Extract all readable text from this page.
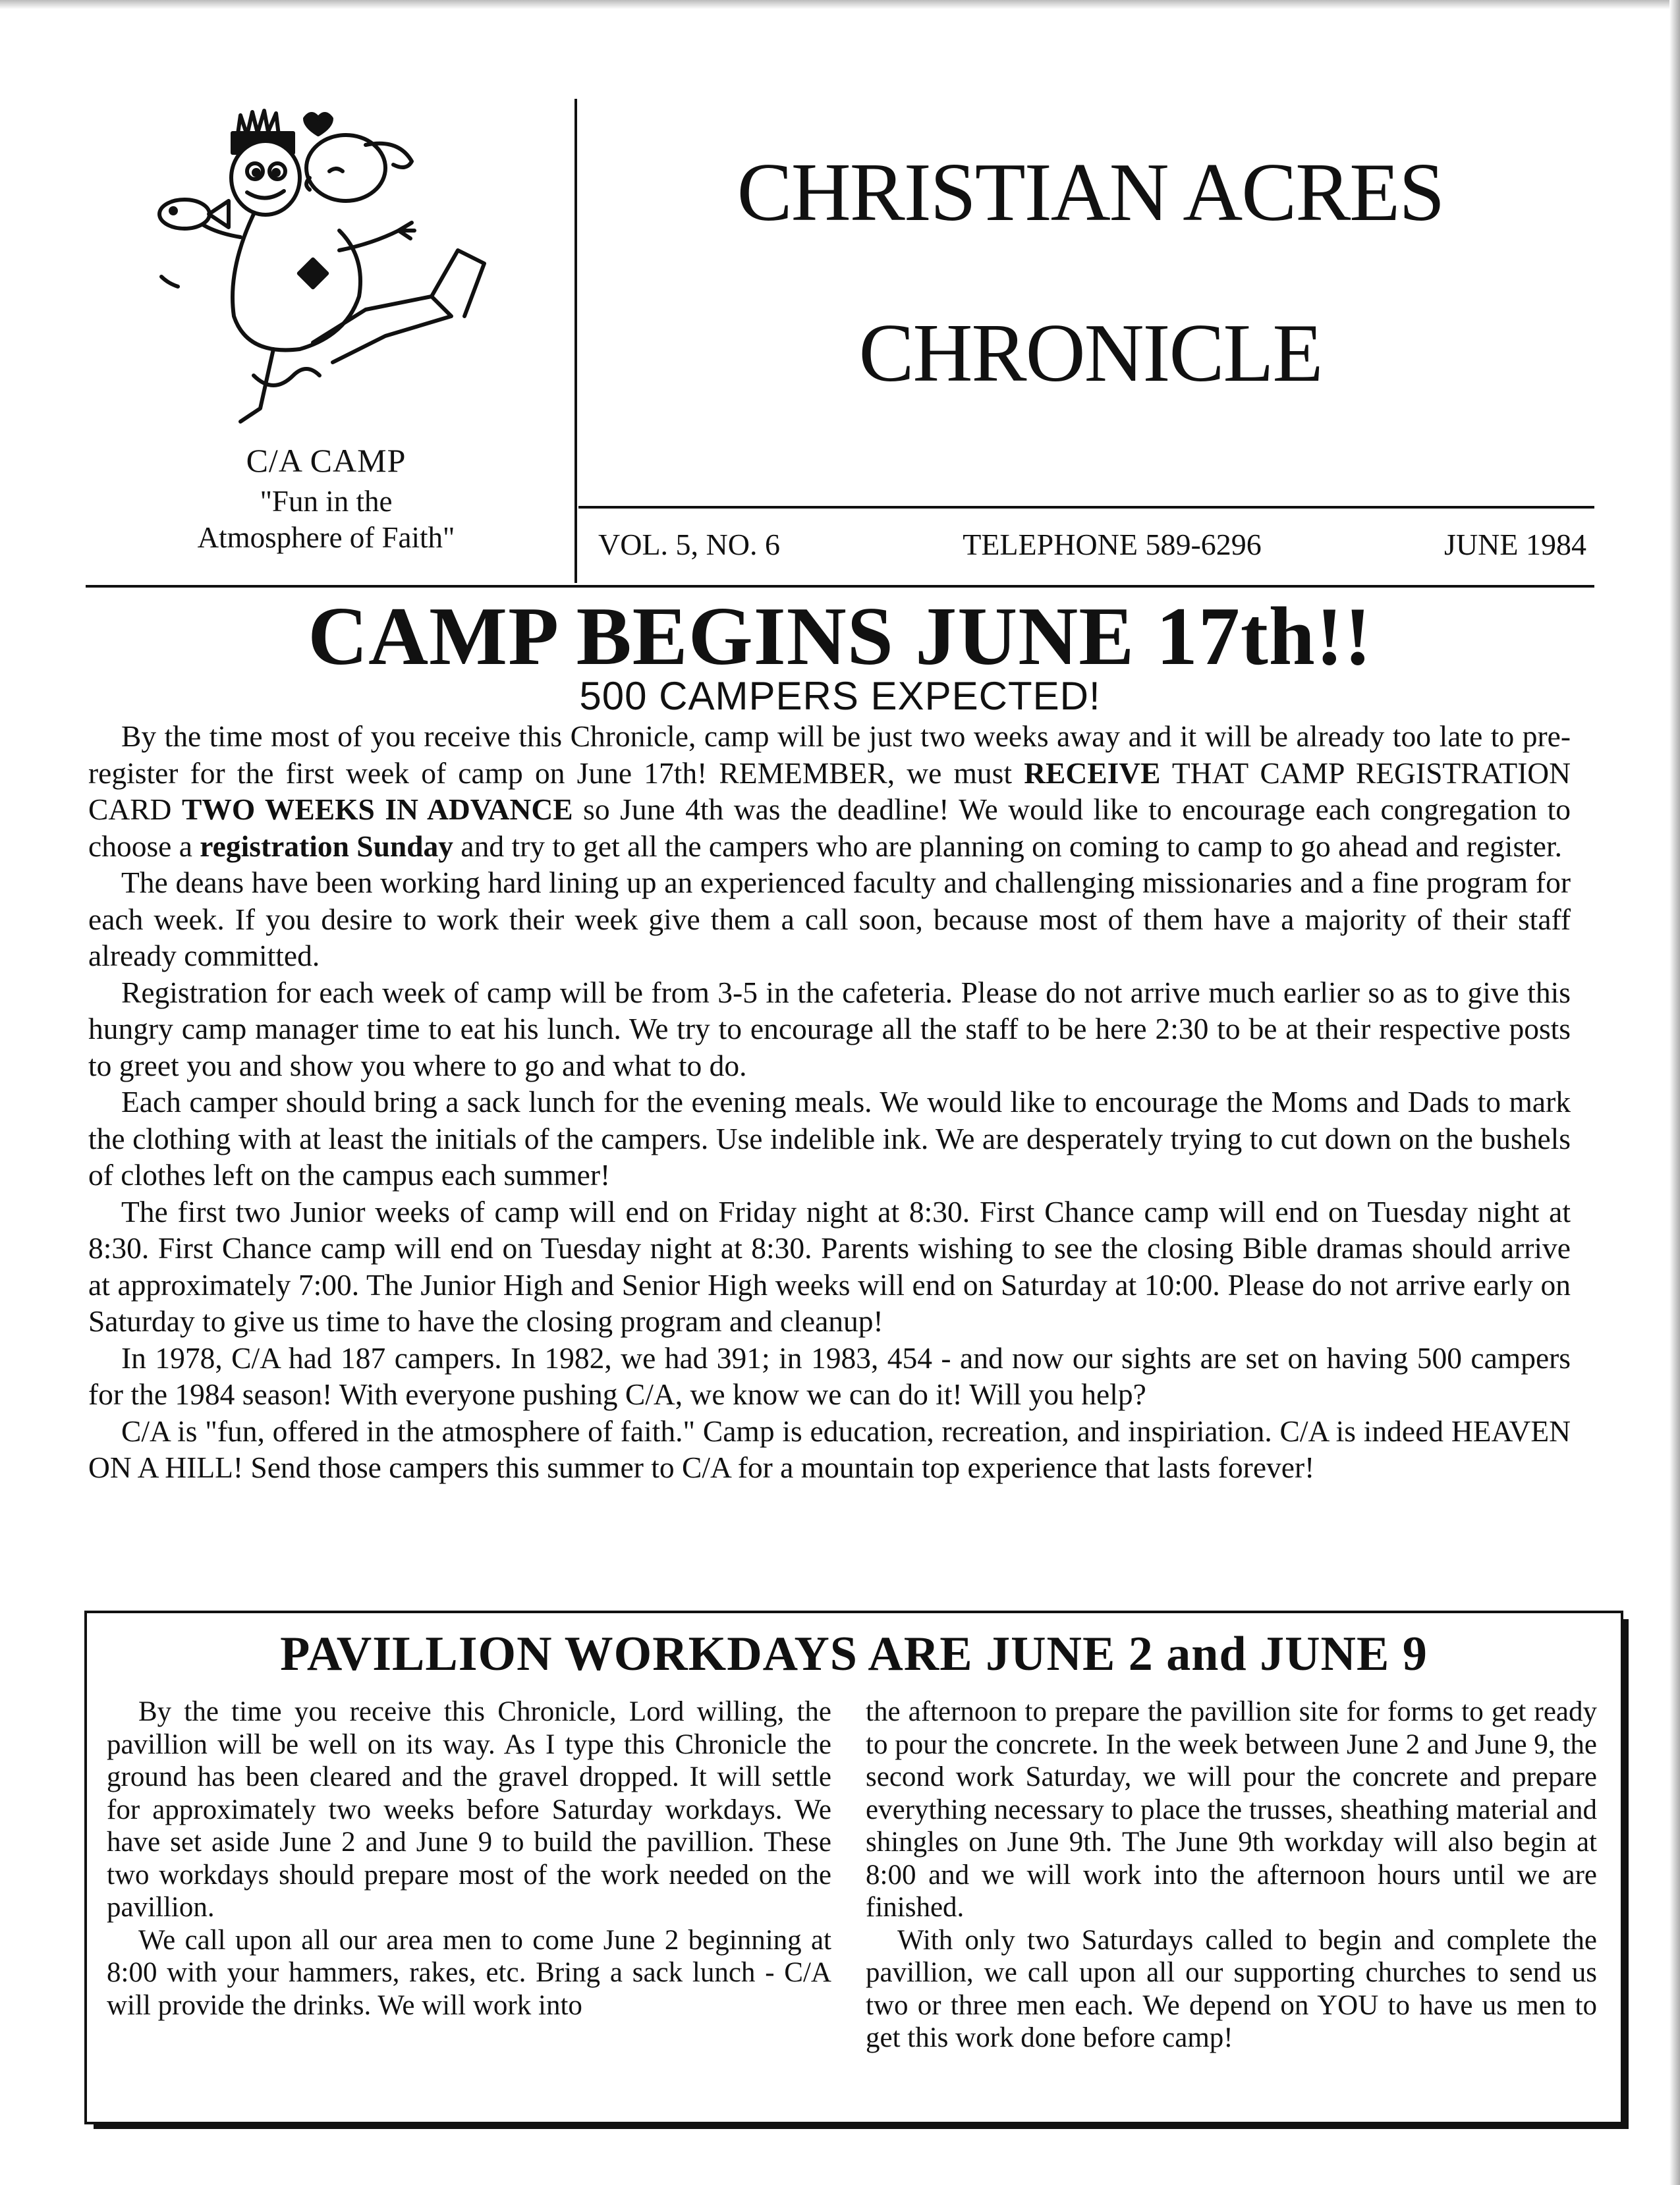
C/A CAMP
"Fun in the
Atmosphere of Faith"
CHRISTIAN ACRES
CHRONICLE
VOL. 5, NO. 6	TELEPHONE 589-6296	JUNE 1984
CAMP BEGINS JUNE 17th!!
500 CAMPERS EXPECTED!

By the time most of you receive this Chronicle, camp will be just two weeks away and it will be already too late to pre-register for the first week of camp on June 17th! REMEMBER, we must RECEIVE THAT CAMP REGISTRATION CARD TWO WEEKS IN ADVANCE so June 4th was the deadline! We would like to encourage each congregation to choose a registration Sunday and try to get all the campers who are planning on coming to camp to go ahead and register.

The deans have been working hard lining up an experienced faculty and challenging missionaries and a fine program for each week. If you desire to work their week give them a call soon, because most of them have a majority of their staff already committed.

Registration for each week of camp will be from 3-5 in the cafeteria. Please do not arrive much earlier so as to give this hungry camp manager time to eat his lunch. We try to encourage all the staff to be here 2:30 to be at their respective posts to greet you and show you where to go and what to do.

Each camper should bring a sack lunch for the evening meals. We would like to encourage the Moms and Dads to mark the clothing with at least the initials of the campers. Use indelible ink. We are desperately trying to cut down on the bushels of clothes left on the campus each summer!

The first two Junior weeks of camp will end on Friday night at 8:30. First Chance camp will end on Tuesday night at 8:30. First Chance camp will end on Tuesday night at 8:30. Parents wishing to see the closing Bible dramas should arrive at approximately 7:00. The Junior High and Senior High weeks will end on Saturday at 10:00. Please do not arrive early on Saturday to give us time to have the closing program and cleanup!

In 1978, C/A had 187 campers. In 1982, we had 391; in 1983, 454 - and now our sights are set on having 500 campers for the 1984 season! With everyone pushing C/A, we know we can do it! Will you help?

C/A is "fun, offered in the atmosphere of faith." Camp is education, recreation, and inspiriation. C/A is indeed HEAVEN ON A HILL! Send those campers this summer to C/A for a mountain top experience that lasts forever!

PAVILLION WORKDAYS ARE JUNE 2 and JUNE 9

By the time you receive this Chronicle, Lord willing, the pavillion will be well on its way. As I type this Chronicle the ground has been cleared and the gravel dropped. It will settle for approximately two weeks before Saturday workdays. We have set aside June 2 and June 9 to build the pavillion. These two workdays should prepare most of the work needed on the pavillion.

We call upon all our area men to come June 2 beginning at 8:00 with your hammers, rakes, etc. Bring a sack lunch - C/A will provide the drinks. We will work into

the afternoon to prepare the pavillion site for forms to get ready to pour the concrete. In the week between June 2 and June 9, the second work Saturday, we will pour the concrete and prepare everything necessary to place the trusses, sheathing material and shingles on June 9th. The June 9th workday will also begin at 8:00 and we will work into the afternoon hours until we are finished.

With only two Saturdays called to begin and complete the pavillion, we call upon all our supporting churches to send us two or three men each. We depend on YOU to have us men to get this work done before camp!
